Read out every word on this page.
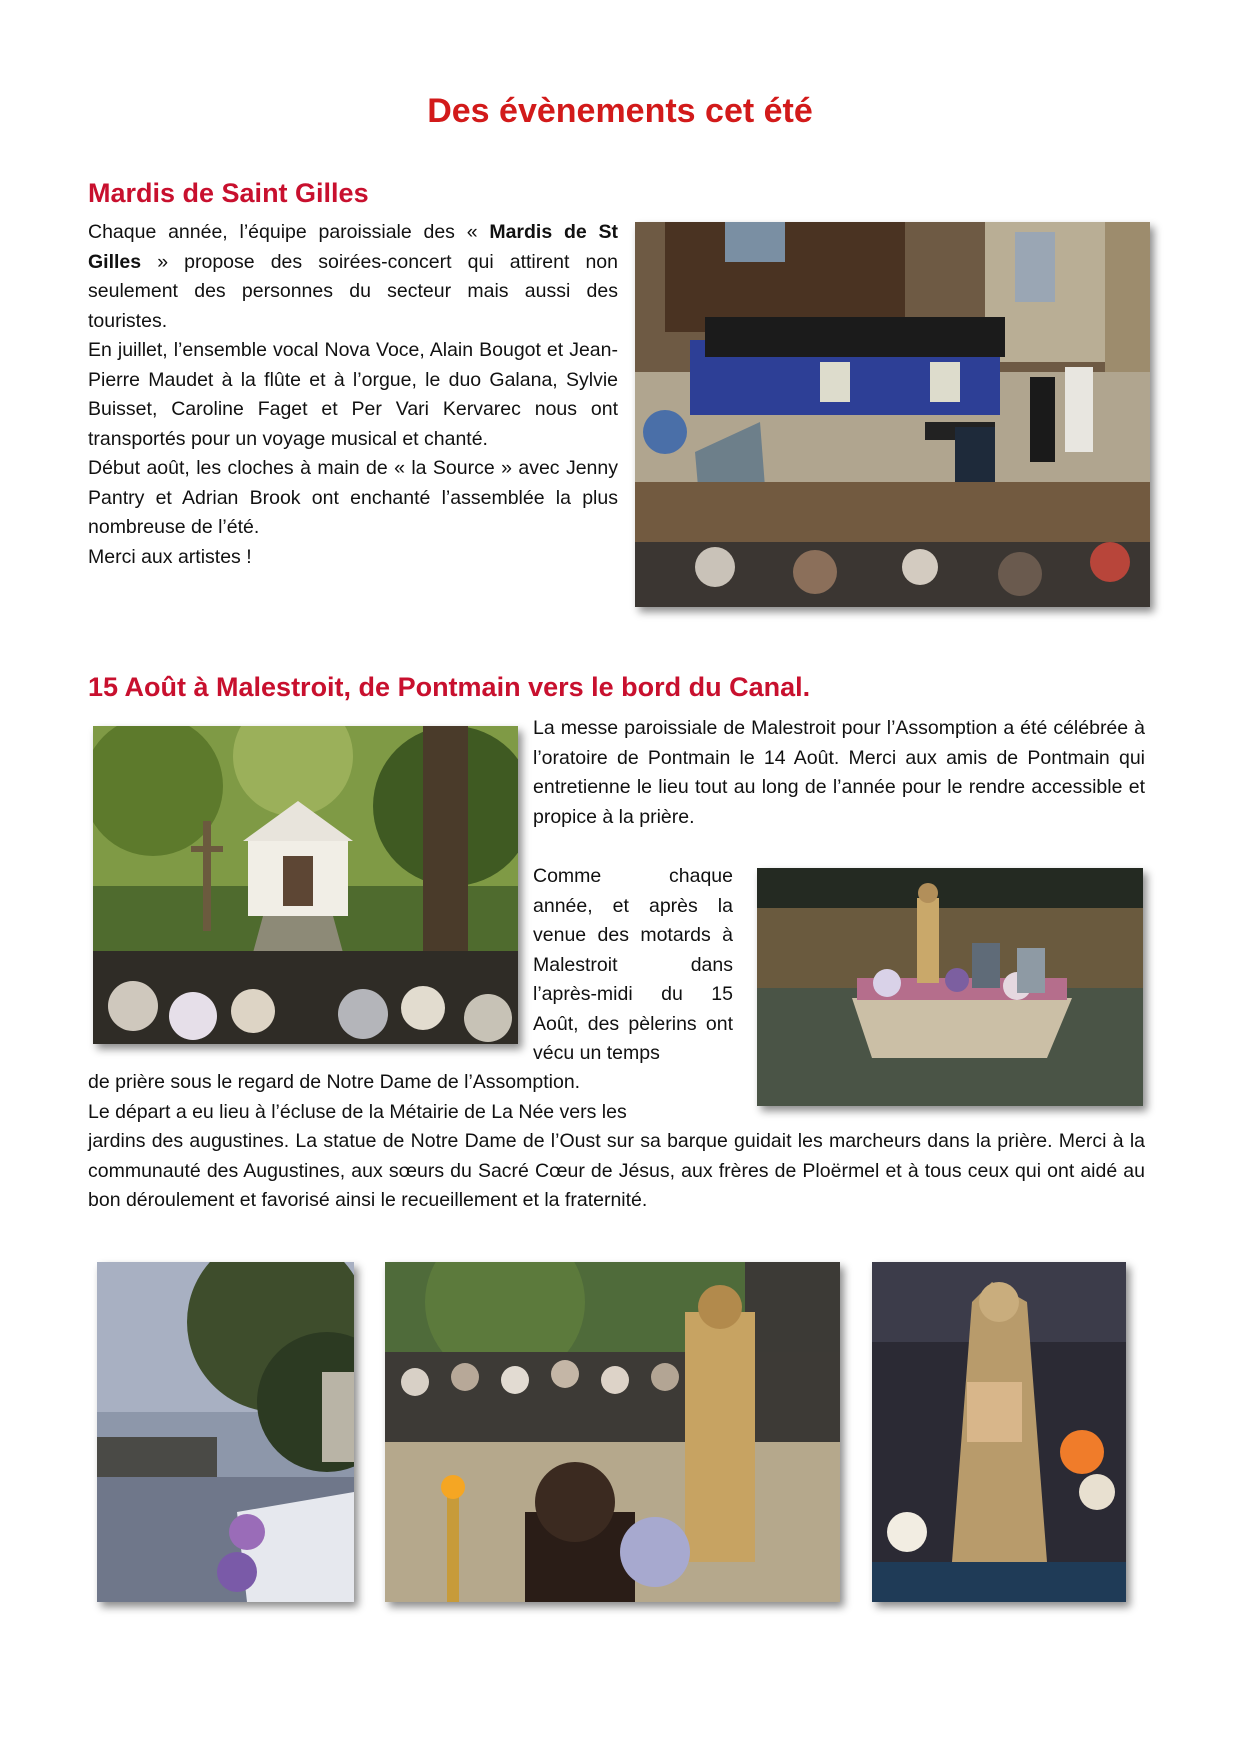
Des évènements cet été
Mardis de Saint Gilles

Chaque année, l’équipe paroissiale des « Mardis de St Gilles » propose des soirées-concert qui attirent non seulement des personnes du secteur mais aussi des touristes.

En juillet, l’ensemble vocal Nova Voce, Alain Bougot et Jean-Pierre Maudet à la flûte et à l’orgue, le duo Galana, Sylvie Buisset, Caroline Faget et Per Vari Kervarec nous ont transportés pour un voyage musical et chanté.

Début août, les cloches à main de « la Source » avec Jenny Pantry et Adrian Brook ont enchanté l’assemblée la plus nombreuse de l’été.

Merci aux artistes !

15 Août à Malestroit, de Pontmain vers le bord du Canal.

La messe paroissiale de Malestroit pour l’Assomption a été célébrée à l’oratoire de Pontmain le 14 Août. Merci aux amis de Pontmain qui entretienne le lieu tout au long de l’année pour le rendre accessible et propice à la prière.

Comme chaque année, et après la venue des motards à Malestroit dans l’après-midi du 15 Août, des pèlerins ont vécu un temps

de prière sous le regard de Notre Dame de l’Assomption.

Le départ a eu lieu à l’écluse de la Métairie de La Née vers les

jardins des augustines. La statue de Notre Dame de l’Oust sur sa barque guidait les marcheurs dans la prière. Merci à la communauté des Augustines, aux sœurs du Sacré Cœur de Jésus, aux frères de Ploërmel et à tous ceux qui ont aidé au bon déroulement et favorisé ainsi le recueillement et la fraternité.
